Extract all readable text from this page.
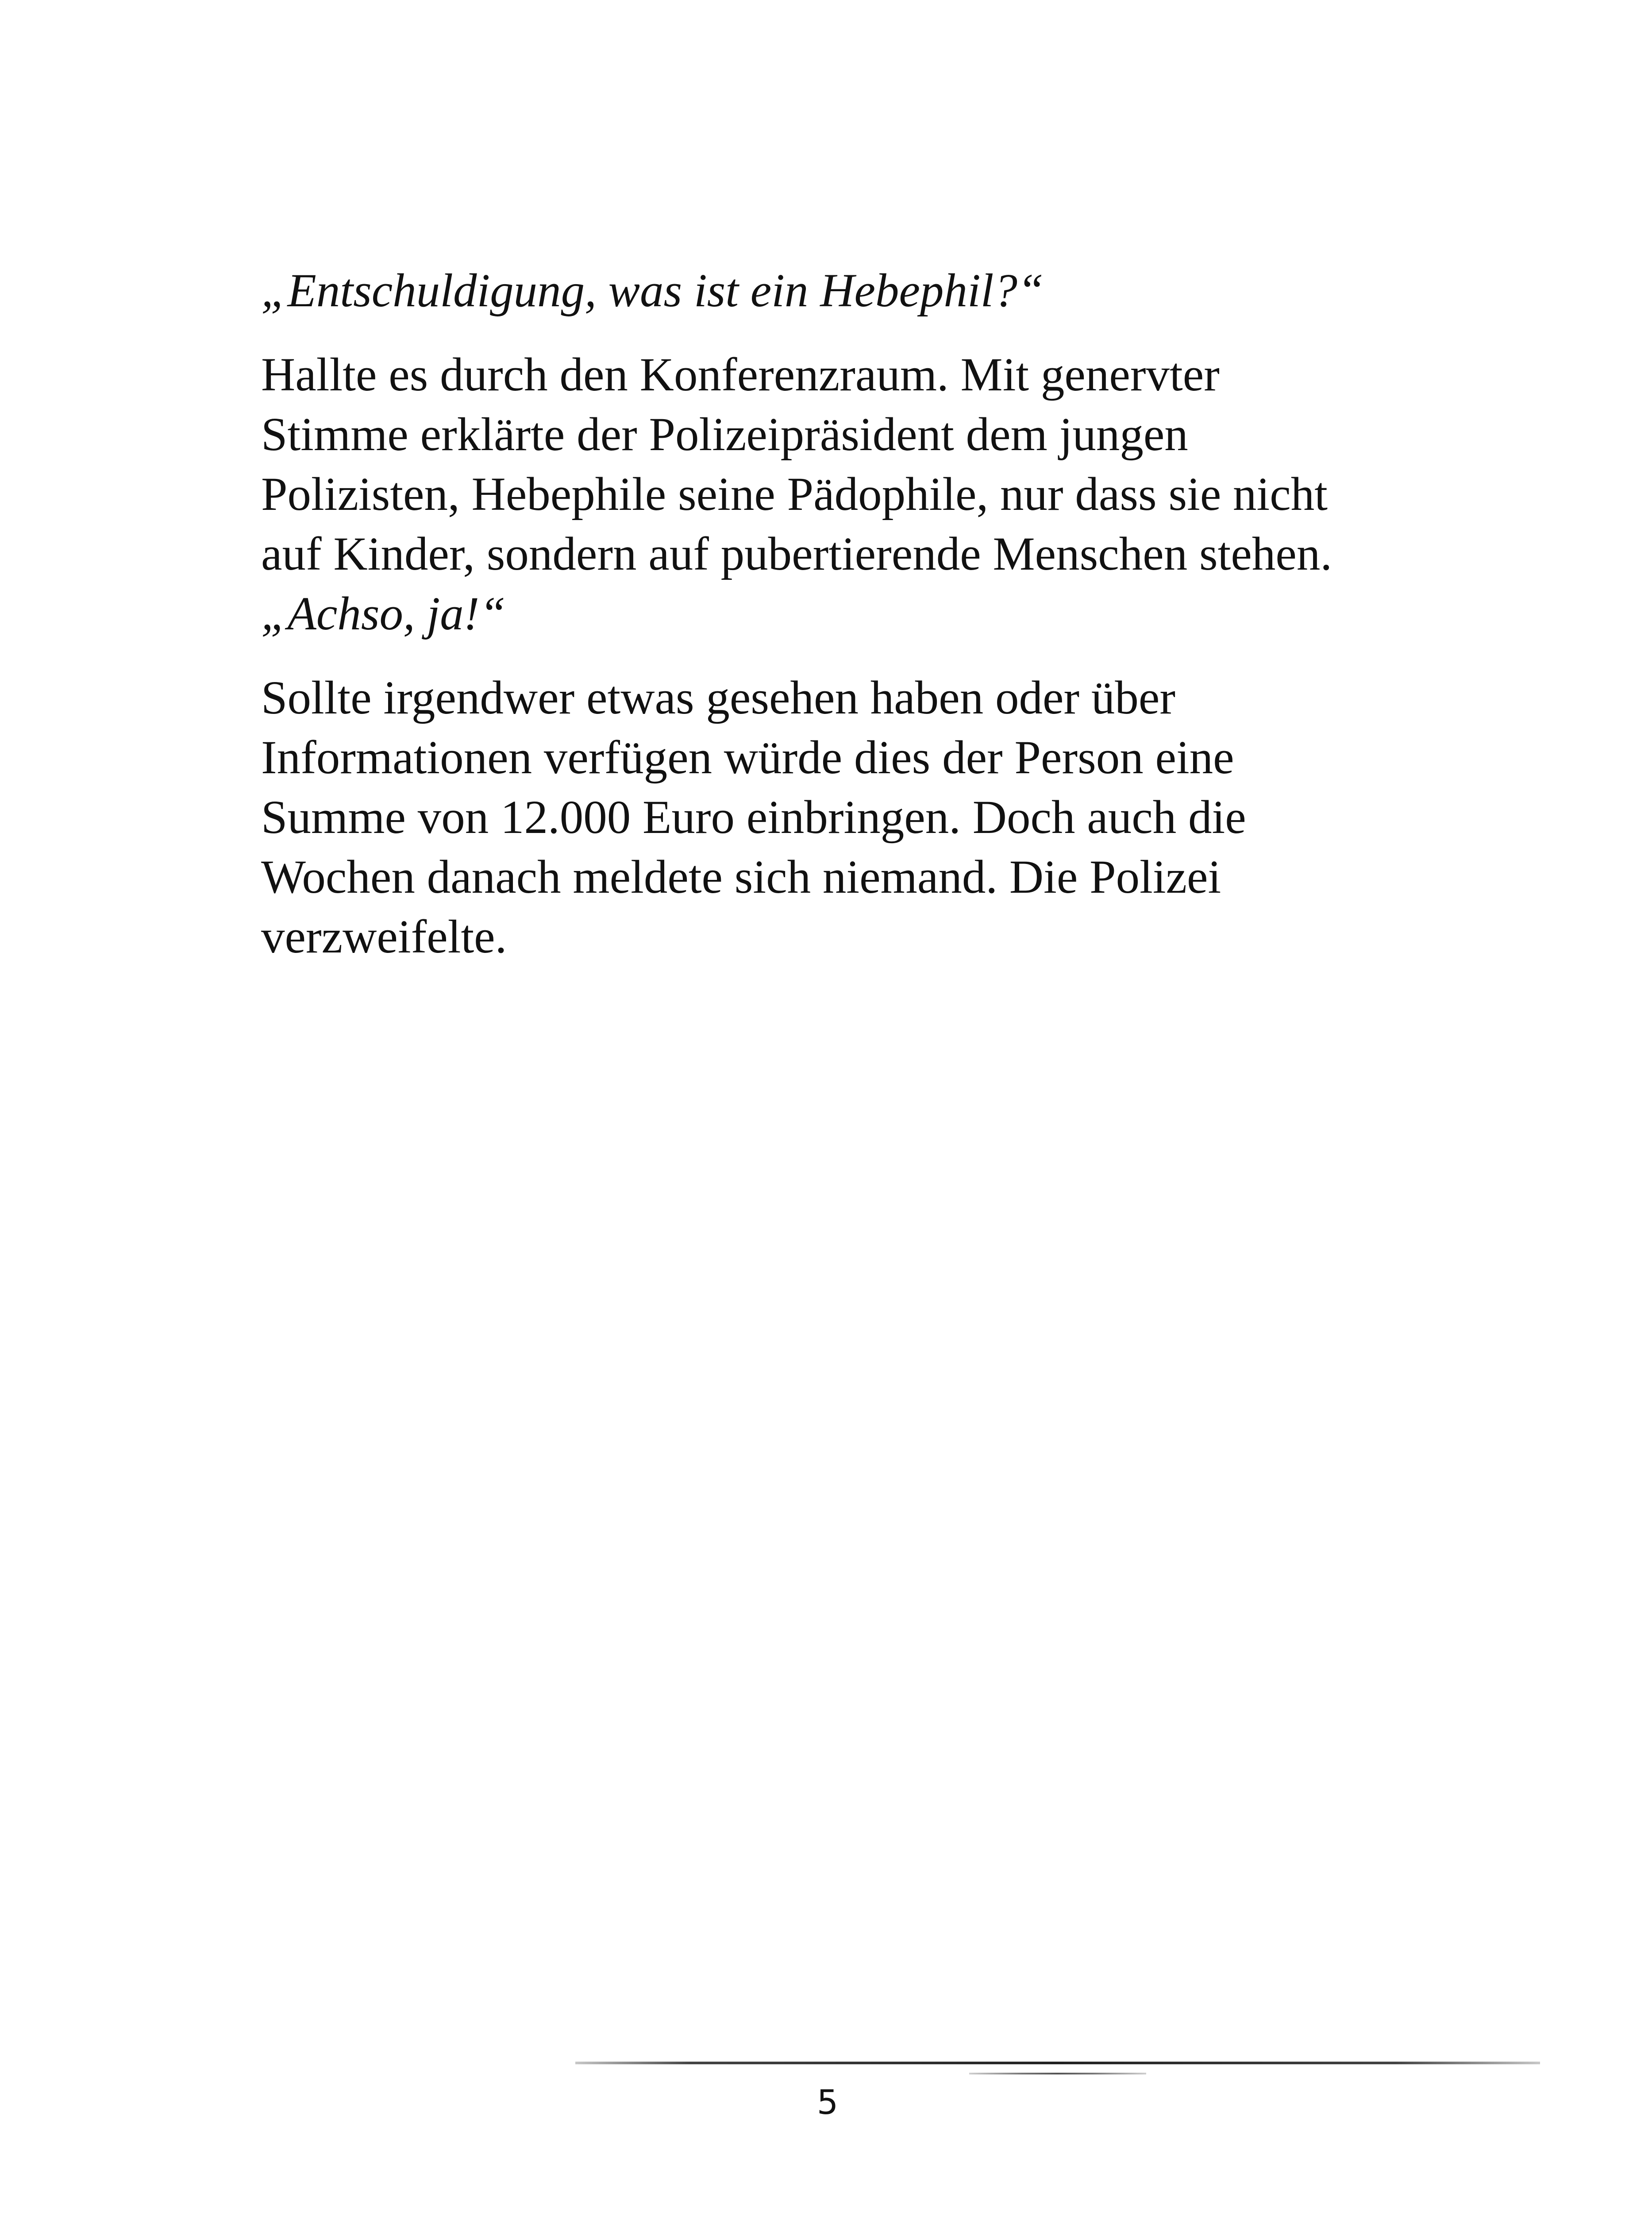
„Entschuldigung, was ist ein Hebephil?“

Hallte es durch den Konferenzraum. Mit genervter
Stimme erklärte der Polizeipräsident dem jungen
Polizisten, Hebephile seine Pädophile, nur dass sie nicht
auf Kinder, sondern auf pubertierende Menschen stehen.
„Achso, ja!“

Sollte irgendwer etwas gesehen haben oder über
Informationen verfügen würde dies der Person eine
Summe von 12.000 Euro einbringen. Doch auch die
Wochen danach meldete sich niemand. Die Polizei
verzweifelte.

5
